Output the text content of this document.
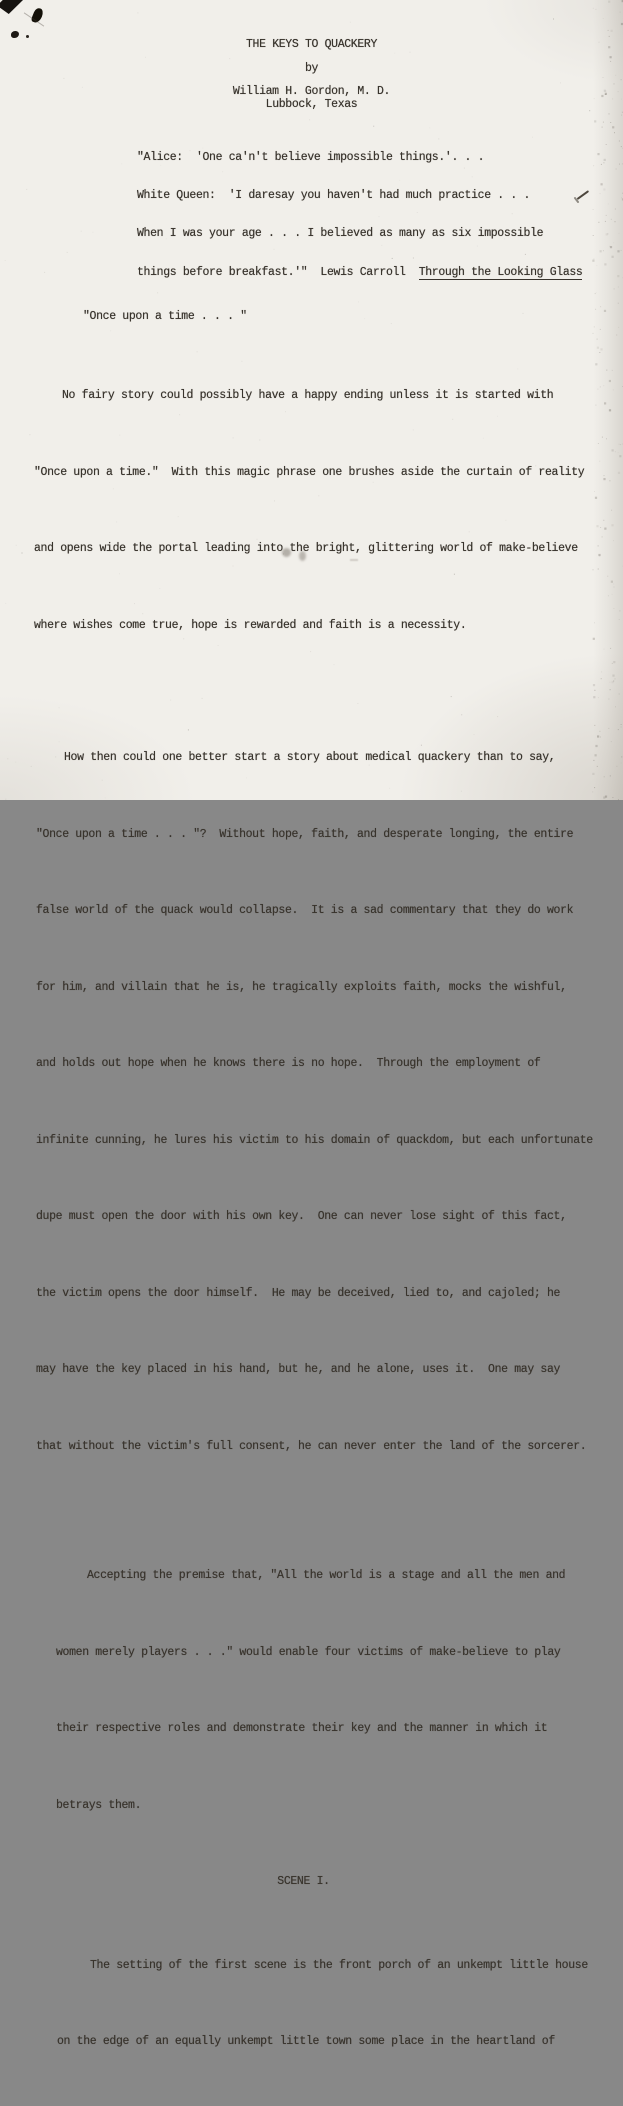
THE KEYS TO QUACKERY
by
William H. Gordon, M. D.
Lubbock, Texas

"Alice:  'One ca'n't believe impossible things.'. . .

White Queen:  'I daresay you haven't had much practice . . .

When I was your age . . . I believed as many as six impossible

things before breakfast.'"  Lewis Carroll  Through the Looking Glass

"Once upon a time . . . "

No fairy story could possibly have a happy ending unless it is started with

"Once upon a time."  With this magic phrase one brushes aside the curtain of reality

and opens wide the portal leading into the bright, glittering world of make-believe

where wishes come true, hope is rewarded and faith is a necessity.

How then could one better start a story about medical quackery than to say,

"Once upon a time . . . "?  Without hope, faith, and desperate longing, the entire

false world of the quack would collapse.  It is a sad commentary that they do work

for him, and villain that he is, he tragically exploits faith, mocks the wishful,

and holds out hope when he knows there is no hope.  Through the employment of

infinite cunning, he lures his victim to his domain of quackdom, but each unfortunate

dupe must open the door with his own key.  One can never lose sight of this fact,

the victim opens the door himself.  He may be deceived, lied to, and cajoled; he

may have the key placed in his hand, but he, and he alone, uses it.  One may say

that without the victim's full consent, he can never enter the land of the sorcerer.

Accepting the premise that, "All the world is a stage and all the men and

women merely players . . ." would enable four victims of make-believe to play

their respective roles and demonstrate their key and the manner in which it

betrays them.

SCENE I.

The setting of the first scene is the front porch of an unkempt little house

on the edge of an equally unkempt little town some place in the heartland of
